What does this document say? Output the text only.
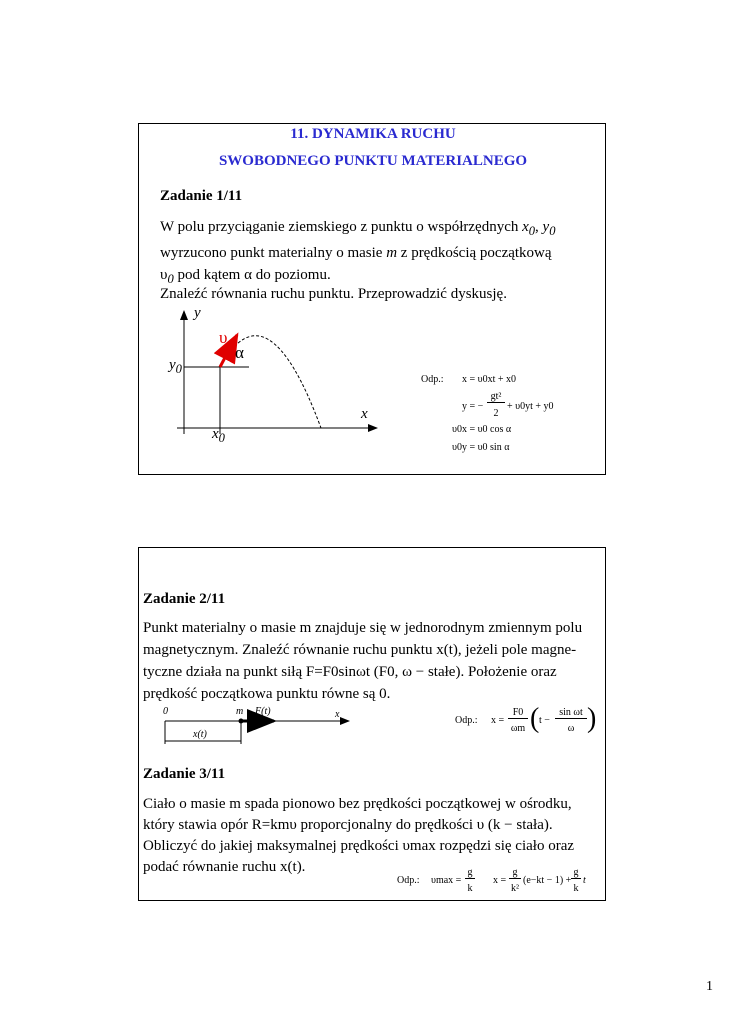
11. DYNAMIKA RUCHU
SWOBODNEGO PUNKTU MATERIALNEGO
Zadanie 1/11
W polu przyciąganie ziemskiego z punktu o współrzędnych $x_0$, $y_0$
wyrzucono punkt materialny o masie m z prędkością początkową
$\upsilon_0$ pod kątem α do poziomu.
Znaleźć równania ruchu punktu. Przeprowadzić dyskusję.
y
x
$y_0$
$x_0$
$\upsilon_0$ α
Odp.: x = υ0xt + x0
y = −
gt²
2
+ υ0yt + y0
υ0x = υ0 cos α
υ0y = υ0 sin α
Zadanie 2/11
Punkt materialny o masie m znajduje się w jednorodnym zmiennym polu
magnetycznym. Znaleźć równanie ruchu punktu x(t), jeżeli pole magne-
tyczne działa na punkt siłą F=F0sinωt (F0, ω − stałe). Położenie oraz
prędkość początkowa punktu równe są 0.
0	m F(t)	x
x(t)
Odp.: x =
F0
ωm ( t −
sin ωt
ω )
Zadanie 3/11
Ciało o masie m spada pionowo bez prędkości początkowej w ośrodku,
który stawia opór R=kmυ proporcjonalny do prędkości υ (k − stała).
Obliczyć do jakiej maksymalnej prędkości υmax rozpędzi się ciało oraz
podać równanie ruchu x(t).
Odp.: υmax =
g
k
x =
g
k²
(e−kt − 1) +
g
k
t
1
